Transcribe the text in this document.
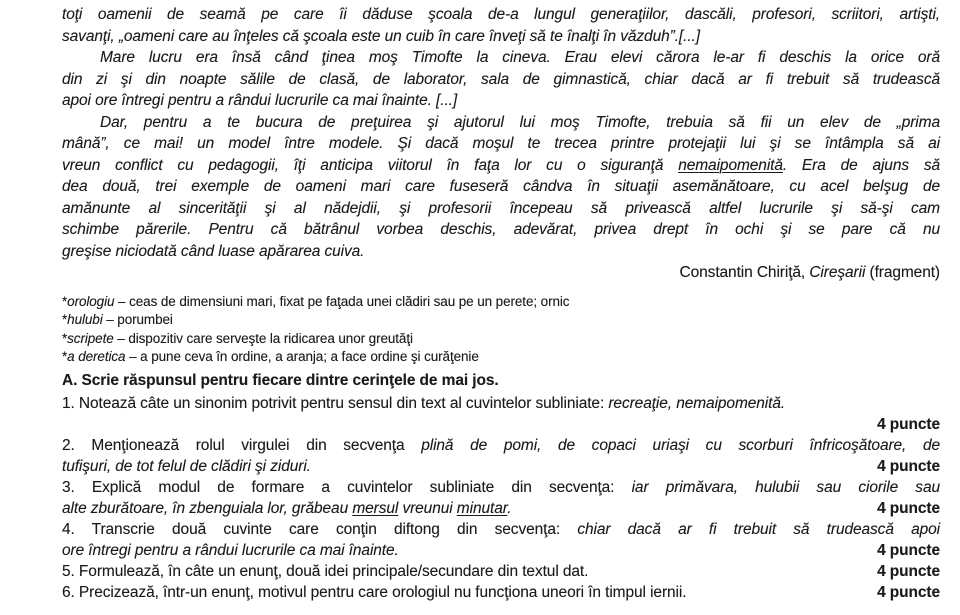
toţi oamenii de seamă pe care îi dăduse şcoala de-a lungul generaţiilor, dascăli, profesori, scriitori, artişti,
savanţi, „oameni care au înţeles că şcoala este un cuib în care înveţi să te înalţi în văzduh”.[...]
Mare lucru era însă când ţinea moş Timofte la cineva. Erau elevi cărora le-ar fi deschis la orice oră
din zi şi din noapte sălile de clasă, de laborator, sala de gimnastică, chiar dacă ar fi trebuit să trudească
apoi ore întregi pentru a rândui lucrurile ca mai înainte. [...]
Dar, pentru a te bucura de preţuirea şi ajutorul lui moş Timofte, trebuia să fii un elev de „prima
mână”, ce mai! un model între modele. Şi dacă moşul te trecea printre protejaţii lui şi se întâmpla să ai
vreun conflict cu pedagogii, îţi anticipa viitorul în faţa lor cu o siguranţă nemaipomenită. Era de ajuns să
dea două, trei exemple de oameni mari care fuseseră cândva în situaţii asemănătoare, cu acel belşug de
amănunte al sincerităţii şi al nădejdii, şi profesorii începeau să privească altfel lucrurile şi să-şi cam
schimbe părerile. Pentru că bătrânul vorbea deschis, adevărat, privea drept în ochi şi se pare că nu
greşise niciodată când luase apărarea cuiva.
Constantin Chiriţă, Cireşarii (fragment)
*orologiu – ceas de dimensiuni mari, fixat pe faţada unei clădiri sau pe un perete; ornic
*hulubi – porumbei
*scripete – dispozitiv care serveşte la ridicarea unor greutăţi
*a deretica – a pune ceva în ordine, a aranja; a face ordine şi curăţenie
A. Scrie răspunsul pentru fiecare dintre cerinţele de mai jos.
1. Notează câte un sinonim potrivit pentru sensul din text al cuvintelor subliniate: recreaţie, nemaipomenită.
4 puncte
2. Menţionează rolul virgulei din secvenţa plină de pomi, de copaci uriaşi cu scorburi înfricoşătoare, de
tufişuri, de tot felul de clădiri şi ziduri.	4 puncte
3. Explică modul de formare a cuvintelor subliniate din secvenţa: iar primăvara, hulubii sau ciorile sau
alte zburătoare, în zbenguiala lor, grăbeau mersul vreunui minutar.	4 puncte
4. Transcrie două cuvinte care conţin diftong din secvenţa: chiar dacă ar fi trebuit să trudească apoi
ore întregi pentru a rândui lucrurile ca mai înainte.	4 puncte
5. Formulează, în câte un enunţ, două idei principale/secundare din textul dat.	4 puncte
6. Precizează, într-un enunţ, motivul pentru care orologiul nu funcţiona uneori în timpul iernii.	4 puncte
